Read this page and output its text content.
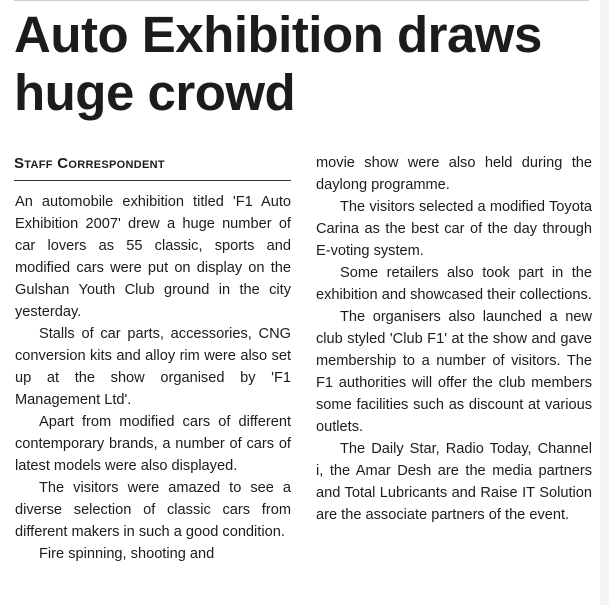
Auto Exhibition draws huge crowd
Staff Correspondent

An automobile exhibition titled 'F1 Auto Exhibition 2007' drew a huge number of car lovers as 55 classic, sports and modified cars were put on display on the Gulshan Youth Club ground in the city yesterday.

Stalls of car parts, accessories, CNG conversion kits and alloy rim were also set up at the show organised by 'F1 Management Ltd'.

Apart from modified cars of different contemporary brands, a number of cars of latest models were also displayed.

The visitors were amazed to see a diverse selection of classic cars from different makers in such a good condition.

Fire spinning, shooting and

movie show were also held during the daylong programme.

The visitors selected a modified Toyota Carina as the best car of the day through E-voting system.

Some retailers also took part in the exhibition and showcased their collections.

The organisers also launched a new club styled 'Club F1' at the show and gave membership to a number of visitors. The F1 authorities will offer the club members some facilities such as discount at various outlets.

The Daily Star, Radio Today, Channel i, the Amar Desh are the media partners and Total Lubricants and Raise IT Solution are the associate partners of the event.
